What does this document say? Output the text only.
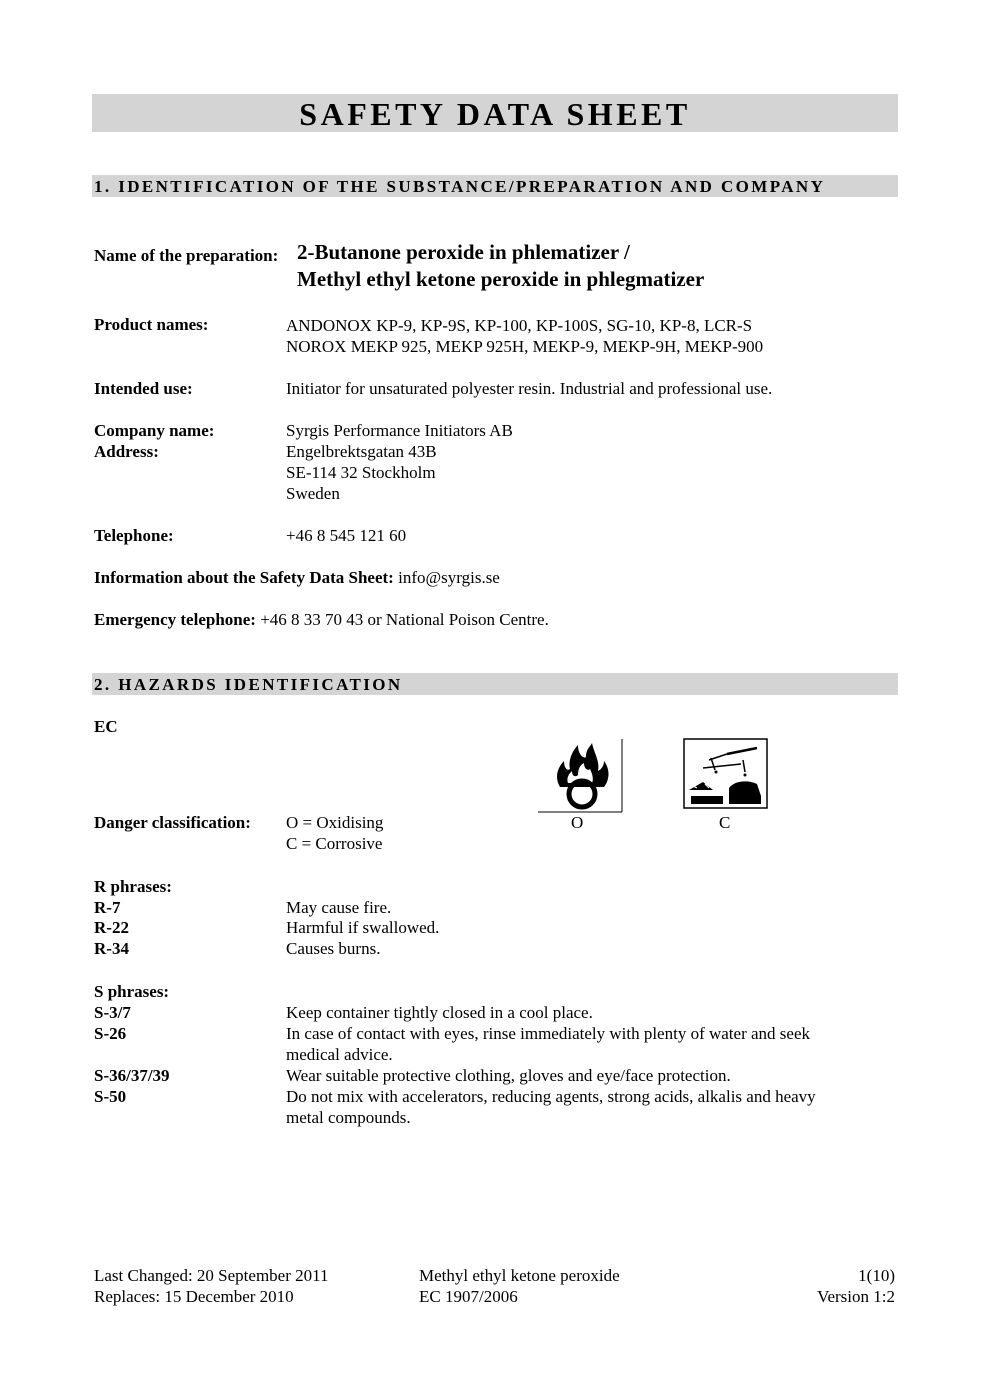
SAFETY DATA SHEET
1. IDENTIFICATION OF THE SUBSTANCE/PREPARATION AND COMPANY
Name of the preparation: 2-Butanone peroxide in phlematizer /
Methyl ethyl ketone peroxide in phlegmatizer
Product names:	ANDONOX KP-9, KP-9S, KP-100, KP-100S, SG-10, KP-8, LCR-S
NOROX MEKP 925, MEKP 925H, MEKP-9, MEKP-9H, MEKP-900
Intended use:	Initiator for unsaturated polyester resin. Industrial and professional use.
Company name:	Syrgis Performance Initiators AB
Address:	Engelbrektsgatan 43B
SE-114 32 Stockholm
Sweden
Telephone:	+46 8 545 121 60
Information about the Safety Data Sheet: info@syrgis.se
Emergency telephone: +46 8 33 70 43 or National Poison Centre.
2. HAZARDS IDENTIFICATION
EC
Danger classification: O = Oxidising
C = Corrosive
O	C
R phrases:
R-7	May cause fire.
R-22	Harmful if swallowed.
R-34	Causes burns.
S phrases:
S-3/7	Keep container tightly closed in a cool place.
S-26	In case of contact with eyes, rinse immediately with plenty of water and seek
medical advice.
S-36/37/39	Wear suitable protective clothing, gloves and eye/face protection.
S-50	Do not mix with accelerators, reducing agents, strong acids, alkalis and heavy
metal compounds.
Last Changed: 20 September 2011
Replaces: 15 December 2010
Methyl ethyl ketone peroxide
EC 1907/2006
1(10)
Version 1:2
